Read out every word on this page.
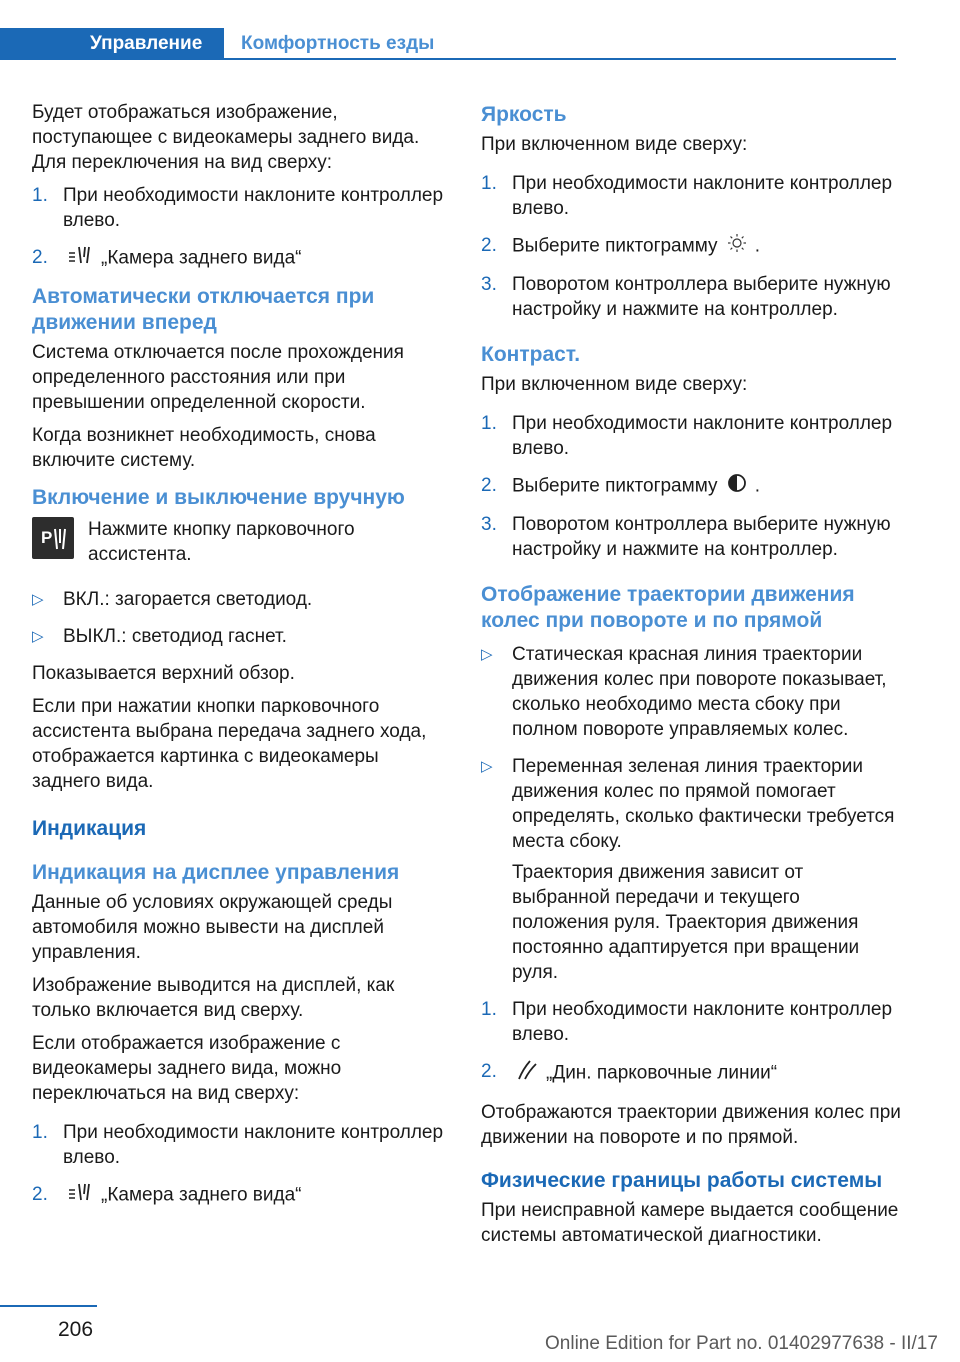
Управление Комфортность езды

Будет отображаться изображение, поступающее с видеокамеры заднего вида. Для переключения на вид сверху:

1. При необходимости наклоните контроллер влево.
2.	„Камера заднего вида“
Автоматически отключается при движении вперед

Система отключается после прохождения определенного расстояния или при превышении определенной скорости.

Когда возникнет необходимость, снова включите систему.

Включение и выключение вручную
P Нажмите кнопку парковочного ассистента.

▷	ВКЛ.: загорается светодиод.
▷	ВЫКЛ.: светодиод гаснет.

Показывается верхний обзор.

Если при нажатии кнопки парковочного ассистента выбрана передача заднего хода, отображается картинка с видеокамеры заднего вида.

Индикация
Индикация на дисплее управления

Данные об условиях окружающей среды автомобиля можно вывести на дисплей управления.

Изображение выводится на дисплей, как только включается вид сверху.

Если отображается изображение с видеокамеры заднего вида, можно переключаться на вид сверху:

1. При необходимости наклоните контроллер влево.
2.	„Камера заднего вида“
Яркость

При включенном виде сверху:

1. При необходимости наклоните контроллер влево.
2. Выберите пиктограмму .
3. Поворотом контроллера выберите нужную настройку и нажмите на контроллер.
Контраст.

При включенном виде сверху:

1. При необходимости наклоните контроллер влево.
2. Выберите пиктограмму .
3. Поворотом контроллера выберите нужную настройку и нажмите на контроллер.
Отображение траектории движения колес при повороте и по прямой
▷	Статическая красная линия траектории движения колес при повороте показывает, сколько необходимо места сбоку при полном повороте управляемых колес.
▷	Переменная зеленая линия траектории движения колес по прямой помогает определять, сколько фактически требуется места сбоку.

Траектория движения зависит от выбранной передачи и текущего положения руля. Траектория движения постоянно адаптируется при вращении руля.

1. При необходимости наклоните контроллер влево.
2.	„Дин. парковочные линии“

Отображаются траектории движения колес при движении на повороте и по прямой.

Физические границы работы системы

При неисправной камере выдается сообщение системы автоматической диагностики.

206
Online Edition for Part no. 01402977638 - II/17
